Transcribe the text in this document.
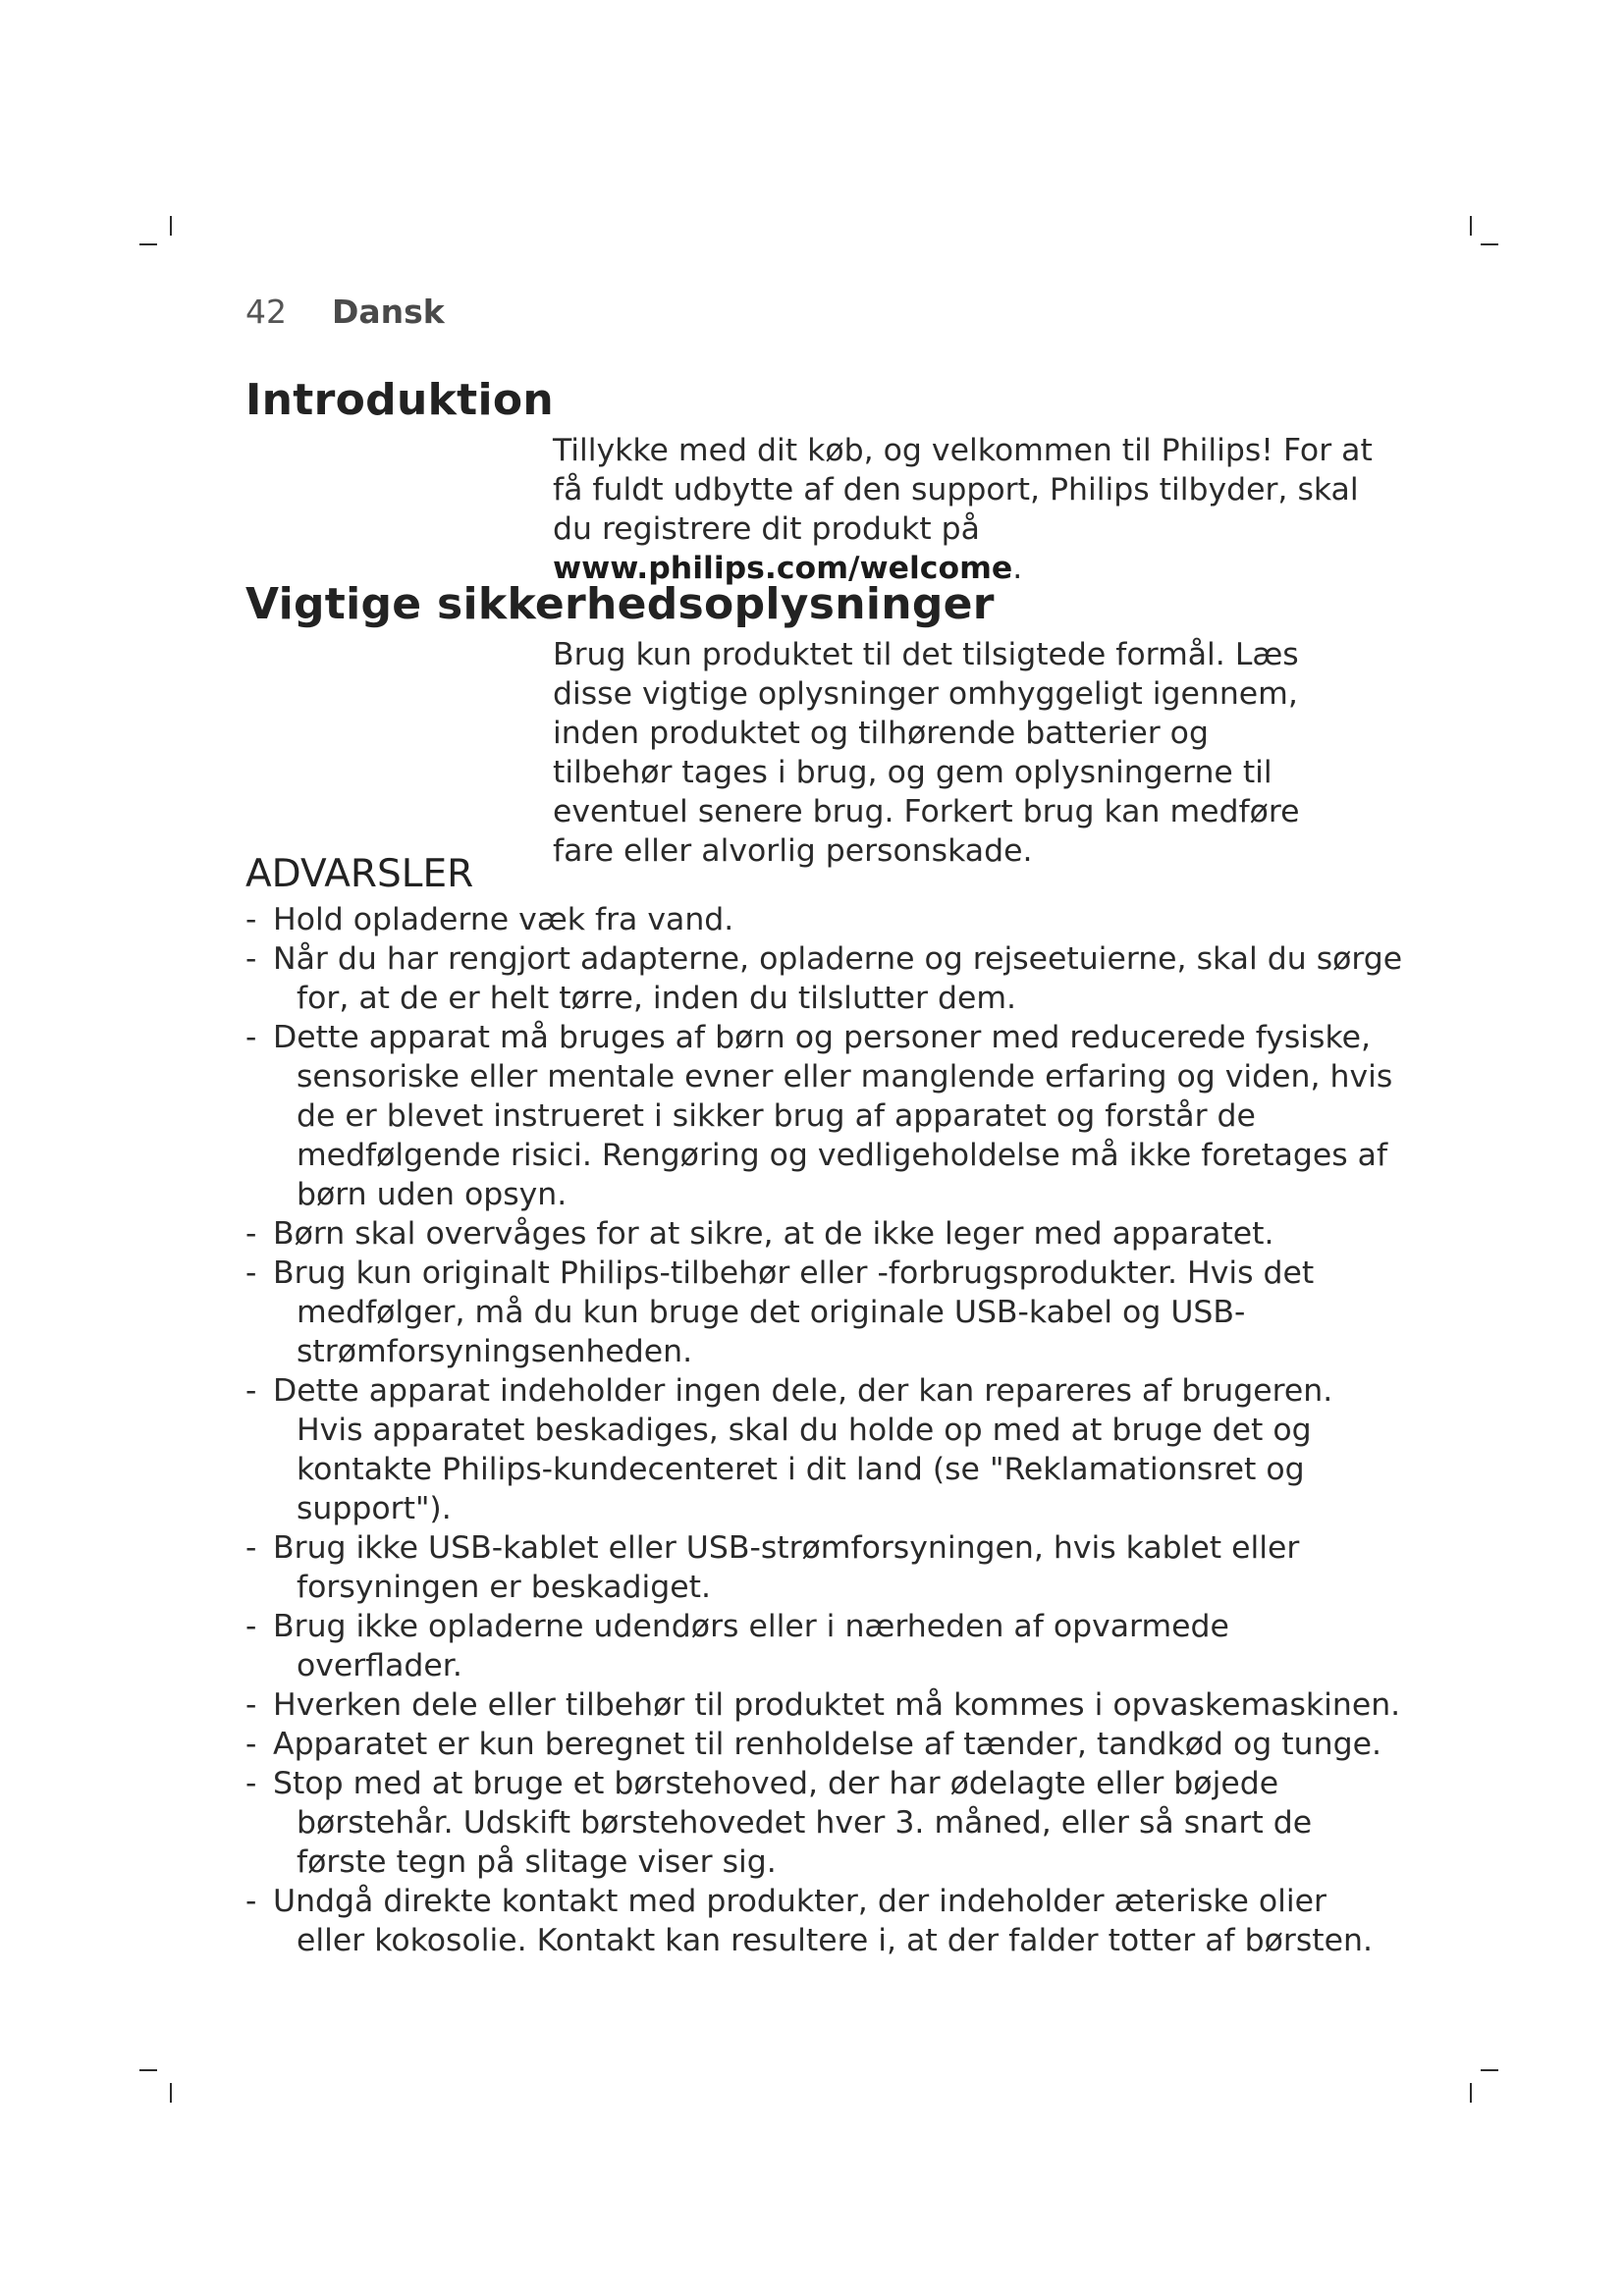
42	Dansk
Introduktion

Tillykke med dit køb, og velkommen til Philips! For at få fuldt udbytte af den support, Philips tilbyder, skal du registrere dit produkt på www.philips.com/welcome.

Vigtige sikkerhedsoplysninger

Brug kun produktet til det tilsigtede formål. Læs disse vigtige oplysninger omhyggeligt igennem, inden produktet og tilhørende batterier og tilbehør tages i brug, og gem oplysningerne til eventuel senere brug. Forkert brug kan medføre fare eller alvorlig personskade.

ADVARSLER
- Hold opladerne væk fra vand.
- Når du har rengjort adapterne, opladerne og rejseetuierne, skal du sørge for, at de er helt tørre, inden du tilslutter dem.
- Dette apparat må bruges af børn og personer med reducerede fysiske, sensoriske eller mentale evner eller manglende erfaring og viden, hvis de er blevet instrueret i sikker brug af apparatet og forstår de medfølgende risici. Rengøring og vedligeholdelse må ikke foretages af børn uden opsyn.
- Børn skal overvåges for at sikre, at de ikke leger med apparatet.
- Brug kun originalt Philips-tilbehør eller -forbrugsprodukter. Hvis det medfølger, må du kun bruge det originale USB-kabel og USB-strømforsyningsenheden.
- Dette apparat indeholder ingen dele, der kan repareres af brugeren. Hvis apparatet beskadiges, skal du holde op med at bruge det og kontakte Philips-kundecenteret i dit land (se "Reklamationsret og support").
- Brug ikke USB-kablet eller USB-strømforsyningen, hvis kablet eller forsyningen er beskadiget.
- Brug ikke opladerne udendørs eller i nærheden af opvarmede overflader.
- Hverken dele eller tilbehør til produktet må kommes i opvaskemaskinen.
- Apparatet er kun beregnet til renholdelse af tænder, tandkød og tunge.
- Stop med at bruge et børstehoved, der har ødelagte eller bøjede børstehår. Udskift børstehovedet hver 3. måned, eller så snart de første tegn på slitage viser sig.
- Undgå direkte kontakt med produkter, der indeholder æteriske olier eller kokosolie. Kontakt kan resultere i, at der falder totter af børsten.
